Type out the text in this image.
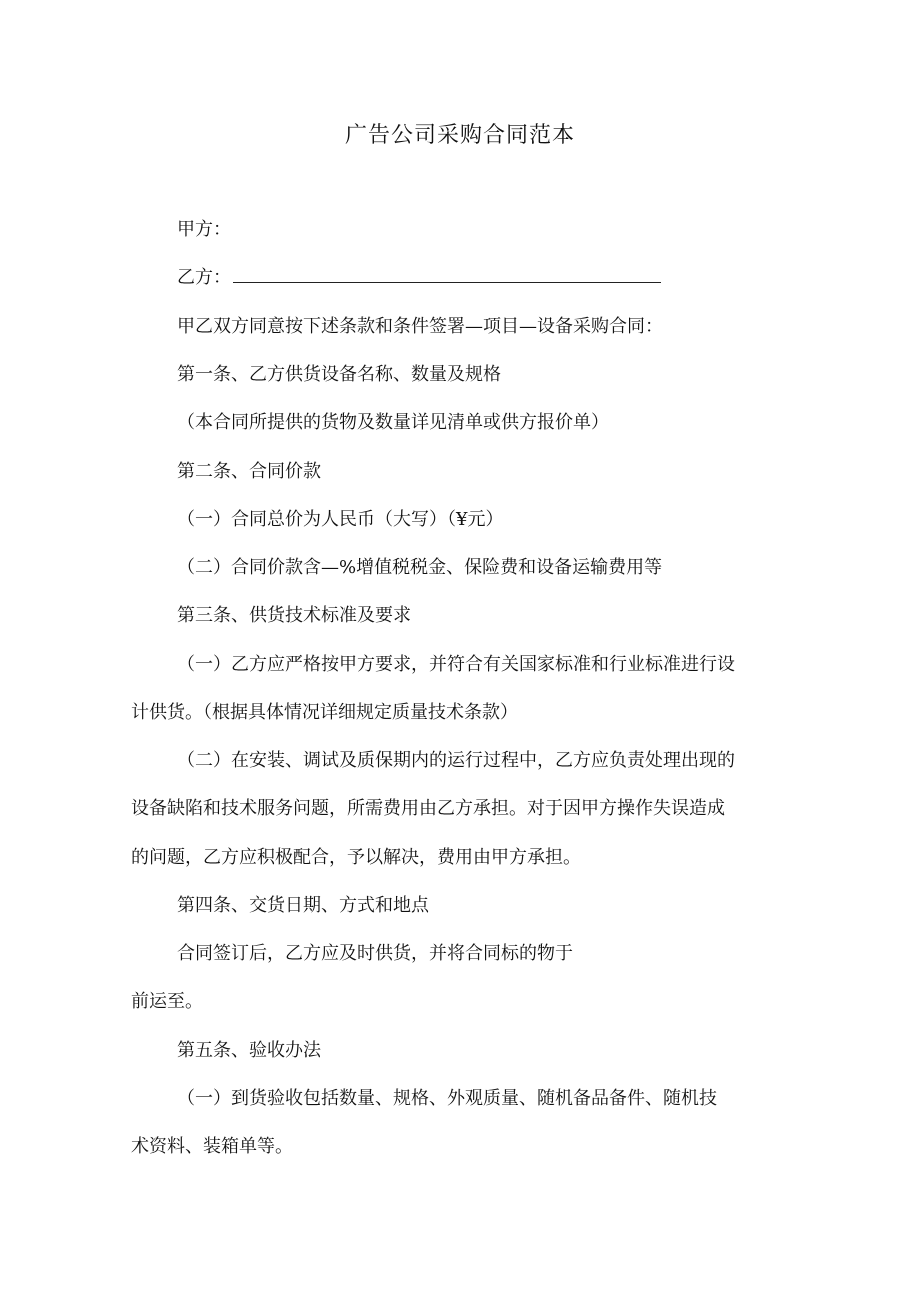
广告公司采购合同范本
甲方：
乙方：
甲乙双方同意按下述条款和条件签署—项目—设备采购合同：
第一条、乙方供货设备名称、数量及规格
（本合同所提供的货物及数量详见清单或供方报价单）
第二条、合同价款
（一）合同总价为人民币（大写）（¥元）
（二）合同价款含—%增值税税金、保险费和设备运输费用等
第三条、供货技术标准及要求
（一）乙方应严格按甲方要求，并符合有关国家标准和行业标准进行设
计供货。（根据具体情况详细规定质量技术条款）
（二）在安装、调试及质保期内的运行过程中，乙方应负责处理出现的
设备缺陷和技术服务问题，所需费用由乙方承担。对于因甲方操作失误造成
的问题，乙方应积极配合，予以解决，费用由甲方承担。
第四条、交货日期、方式和地点
合同签订后，乙方应及时供货，并将合同标的物于
前运至。
第五条、验收办法
（一）到货验收包括数量、规格、外观质量、随机备品备件、随机技
术资料、装箱单等。
